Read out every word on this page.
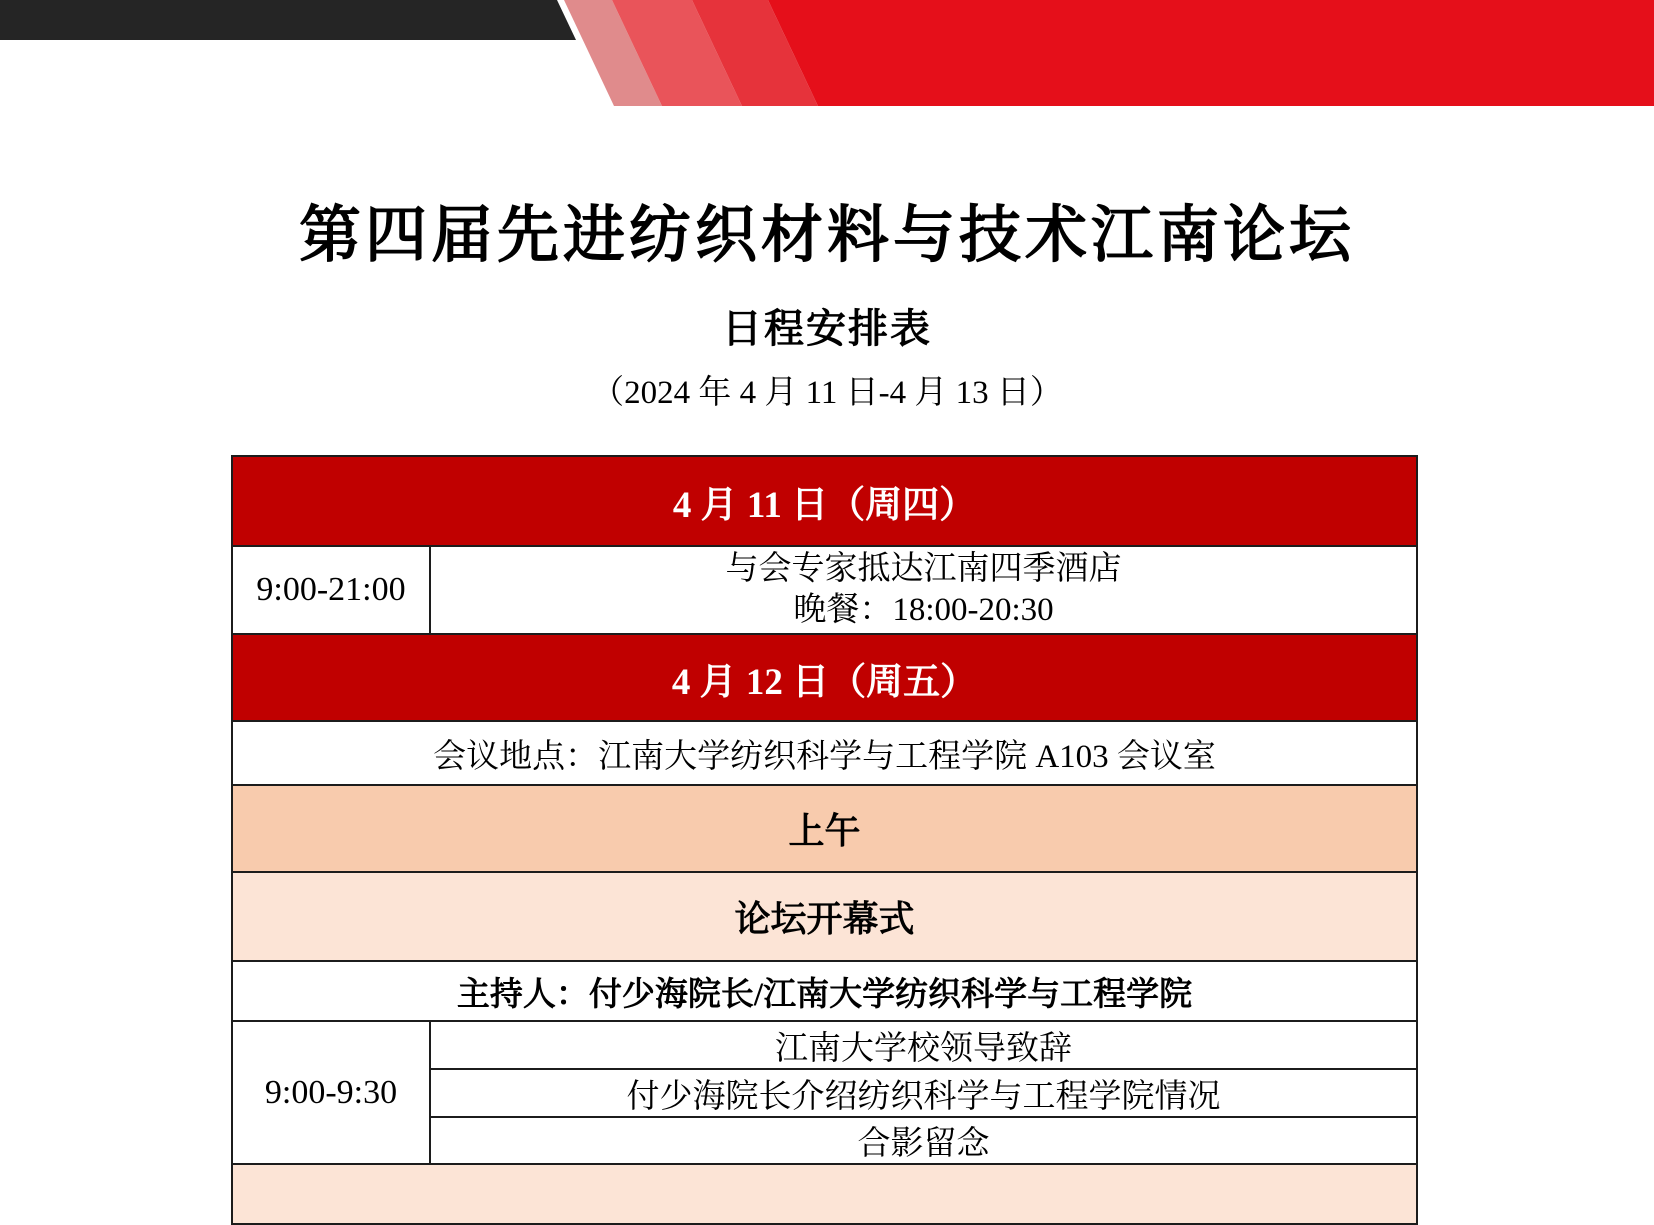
第四届先进纺织材料与技术江南论坛
日程安排表
（2024 年 4 月 11 日-4 月 13 日）
4 月 11 日（周四）
9:00-21:00
与会专家抵达江南四季酒店
晚餐：18:00-20:30
4 月 12 日（周五）
会议地点：江南大学纺织科学与工程学院 A103 会议室
上午
论坛开幕式
主持人：付少海院长 /江南大学纺织科学与工程学院
9:00-9:30
江南大学校领导致辞
付少海院长介绍纺织科学与工程学院情况
合影留念
